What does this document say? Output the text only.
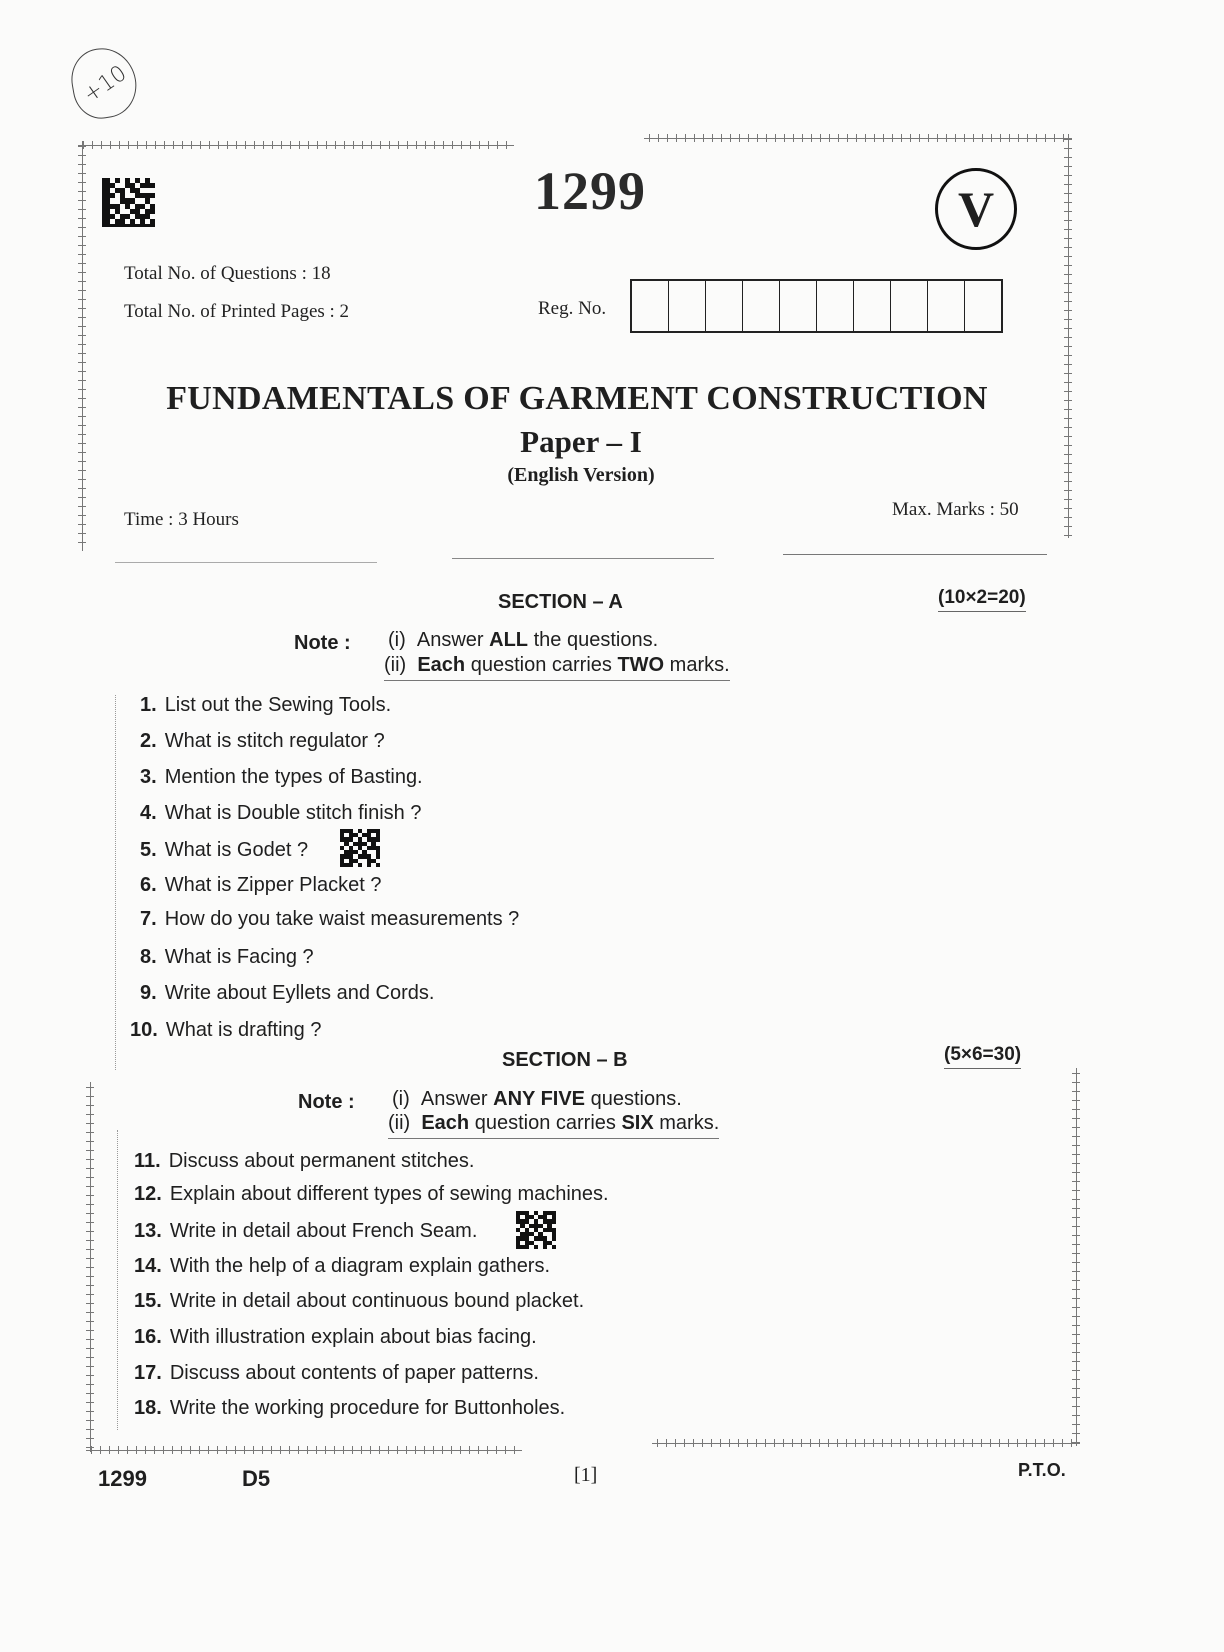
+10
1299	V
Total No. of Questions : 18
Total No. of Printed Pages : 2	Reg. No.
FUNDAMENTALS OF GARMENT CONSTRUCTION
Paper – I
(English Version)
Time : 3 Hours	Max. Marks : 50
SECTION – A	(10×2=20)
Note : (i) Answer ALL the questions.
(ii) Each question carries TWO marks.
1. List out the Sewing Tools.
2. What is stitch regulator ?
3. Mention the types of Basting.
4. What is Double stitch finish ?
5. What is Godet ?
6. What is Zipper Placket ?
7. How do you take waist measurements ?
8. What is Facing ?
9. Write about Eyllets and Cords.
10. What is drafting ?
SECTION – B	(5×6=30)
Note : (i) Answer ANY FIVE questions.
(ii) Each question carries SIX marks.
11. Discuss about permanent stitches.
12. Explain about different types of sewing machines.
13. Write in detail about French Seam.
14. With the help of a diagram explain gathers.
15. Write in detail about continuous bound placket.
16. With illustration explain about bias facing.
17. Discuss about contents of paper patterns.
18. Write the working procedure for Buttonholes.
1299	D5	[1]	P.T.O.
